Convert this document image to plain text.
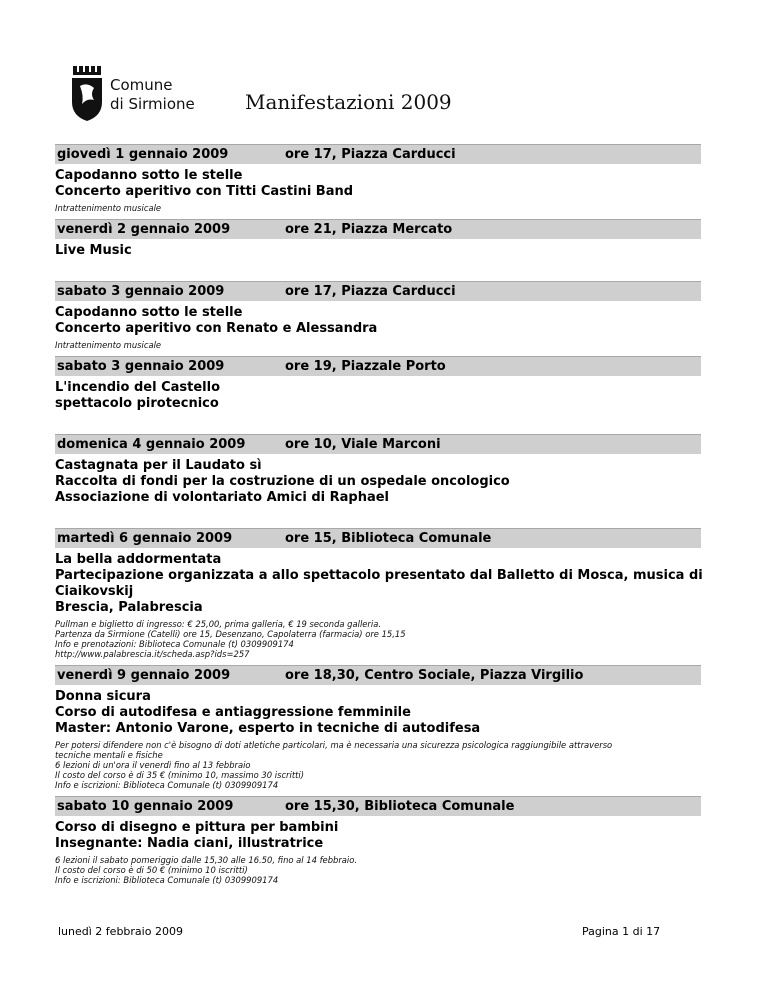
Comune
di Sirmione	Manifestazioni 2009
giovedì 1 gennaio 2009	ore 17, Piazza Carducci
Capodanno sotto le stelle
Concerto aperitivo con Titti Castini Band
Intrattenimento musicale
venerdì 2 gennaio 2009	ore 21, Piazza Mercato
Live Music
sabato 3 gennaio 2009	ore 17, Piazza Carducci
Capodanno sotto le stelle
Concerto aperitivo con Renato e Alessandra
Intrattenimento musicale
sabato 3 gennaio 2009	ore 19, Piazzale Porto
L'incendio del Castello
spettacolo pirotecnico
domenica 4 gennaio 2009	ore 10, Viale Marconi
Castagnata per il Laudato sì
Raccolta di fondi per la costruzione di un ospedale oncologico
Associazione di volontariato Amici di Raphael
martedì 6 gennaio 2009	ore 15, Biblioteca Comunale
La bella addormentata
Partecipazione organizzata a allo spettacolo presentato dal Balletto di Mosca, musica di
Ciaikovskij
Brescia, Palabrescia
Pullman e biglietto di ingresso: € 25,00, prima galleria, € 19 seconda galleria.
Partenza da Sirmione (Catelli) ore 15, Desenzano, Capolaterra (farmacia) ore 15,15
Info e prenotazioni: Biblioteca Comunale (t) 0309909174
http://www.palabrescia.it/scheda.asp?ids=257
venerdì 9 gennaio 2009	ore 18,30, Centro Sociale, Piazza Virgilio
Donna sicura
Corso di autodifesa e antiaggressione femminile
Master: Antonio Varone, esperto in tecniche di autodifesa
Per potersi difendere non c'è bisogno di doti atletiche particolari, ma è necessaria una sicurezza psicologica raggiungibile attraverso
tecniche mentali e fisiche
6 lezioni di un'ora il venerdì fino al 13 febbraio
Il costo del corso è di 35 € (minimo 10, massimo 30 iscritti)
Info e iscrizioni: Biblioteca Comunale (t) 0309909174
sabato 10 gennaio 2009	ore 15,30, Biblioteca Comunale
Corso di disegno e pittura per bambini
Insegnante: Nadia ciani, illustratrice
6 lezioni il sabato pomeriggio dalle 15,30 alle 16.50, fino al 14 febbraio.
Il costo del corso è di 50 € (minimo 10 iscritti)
Info e iscrizioni: Biblioteca Comunale (t) 0309909174
lunedì 2 febbraio 2009	Pagina 1 di 17
